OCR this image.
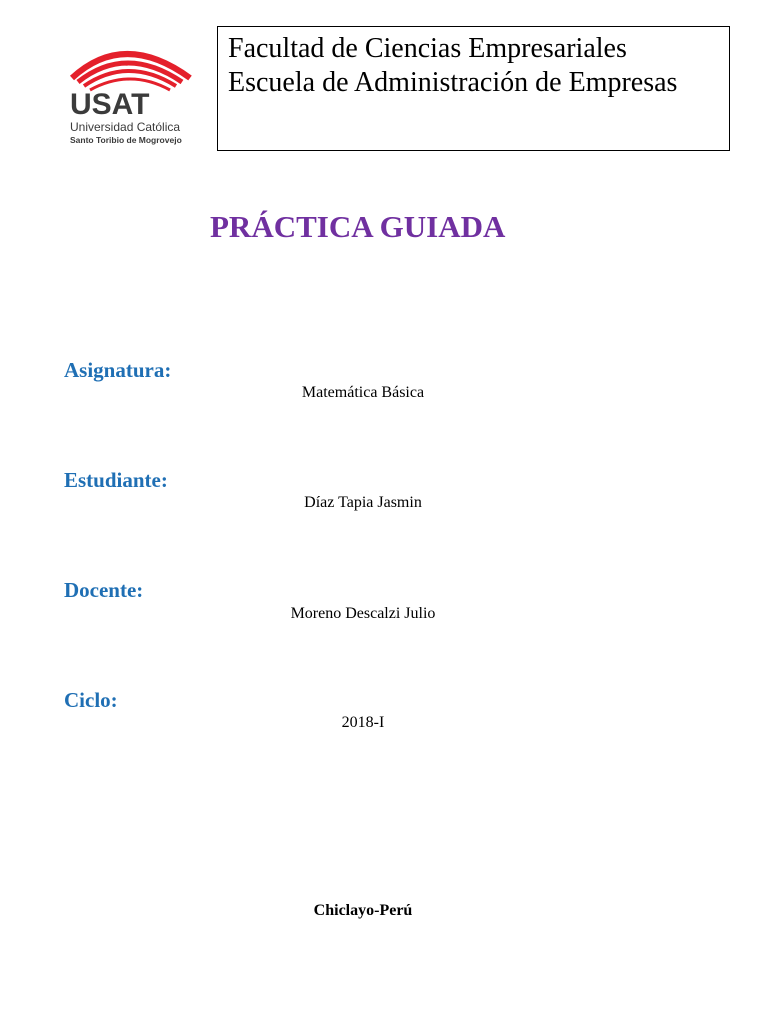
USAT
Universidad Católica
Santo Toribio de Mogrovejo
Facultad de Ciencias Empresariales
Escuela de Administración de Empresas
PRÁCTICA GUIADA
Asignatura:
Matemática Básica
Estudiante:
Díaz Tapia Jasmin
Docente:
Moreno Descalzi Julio
Ciclo:
2018-I
Chiclayo-Perú
